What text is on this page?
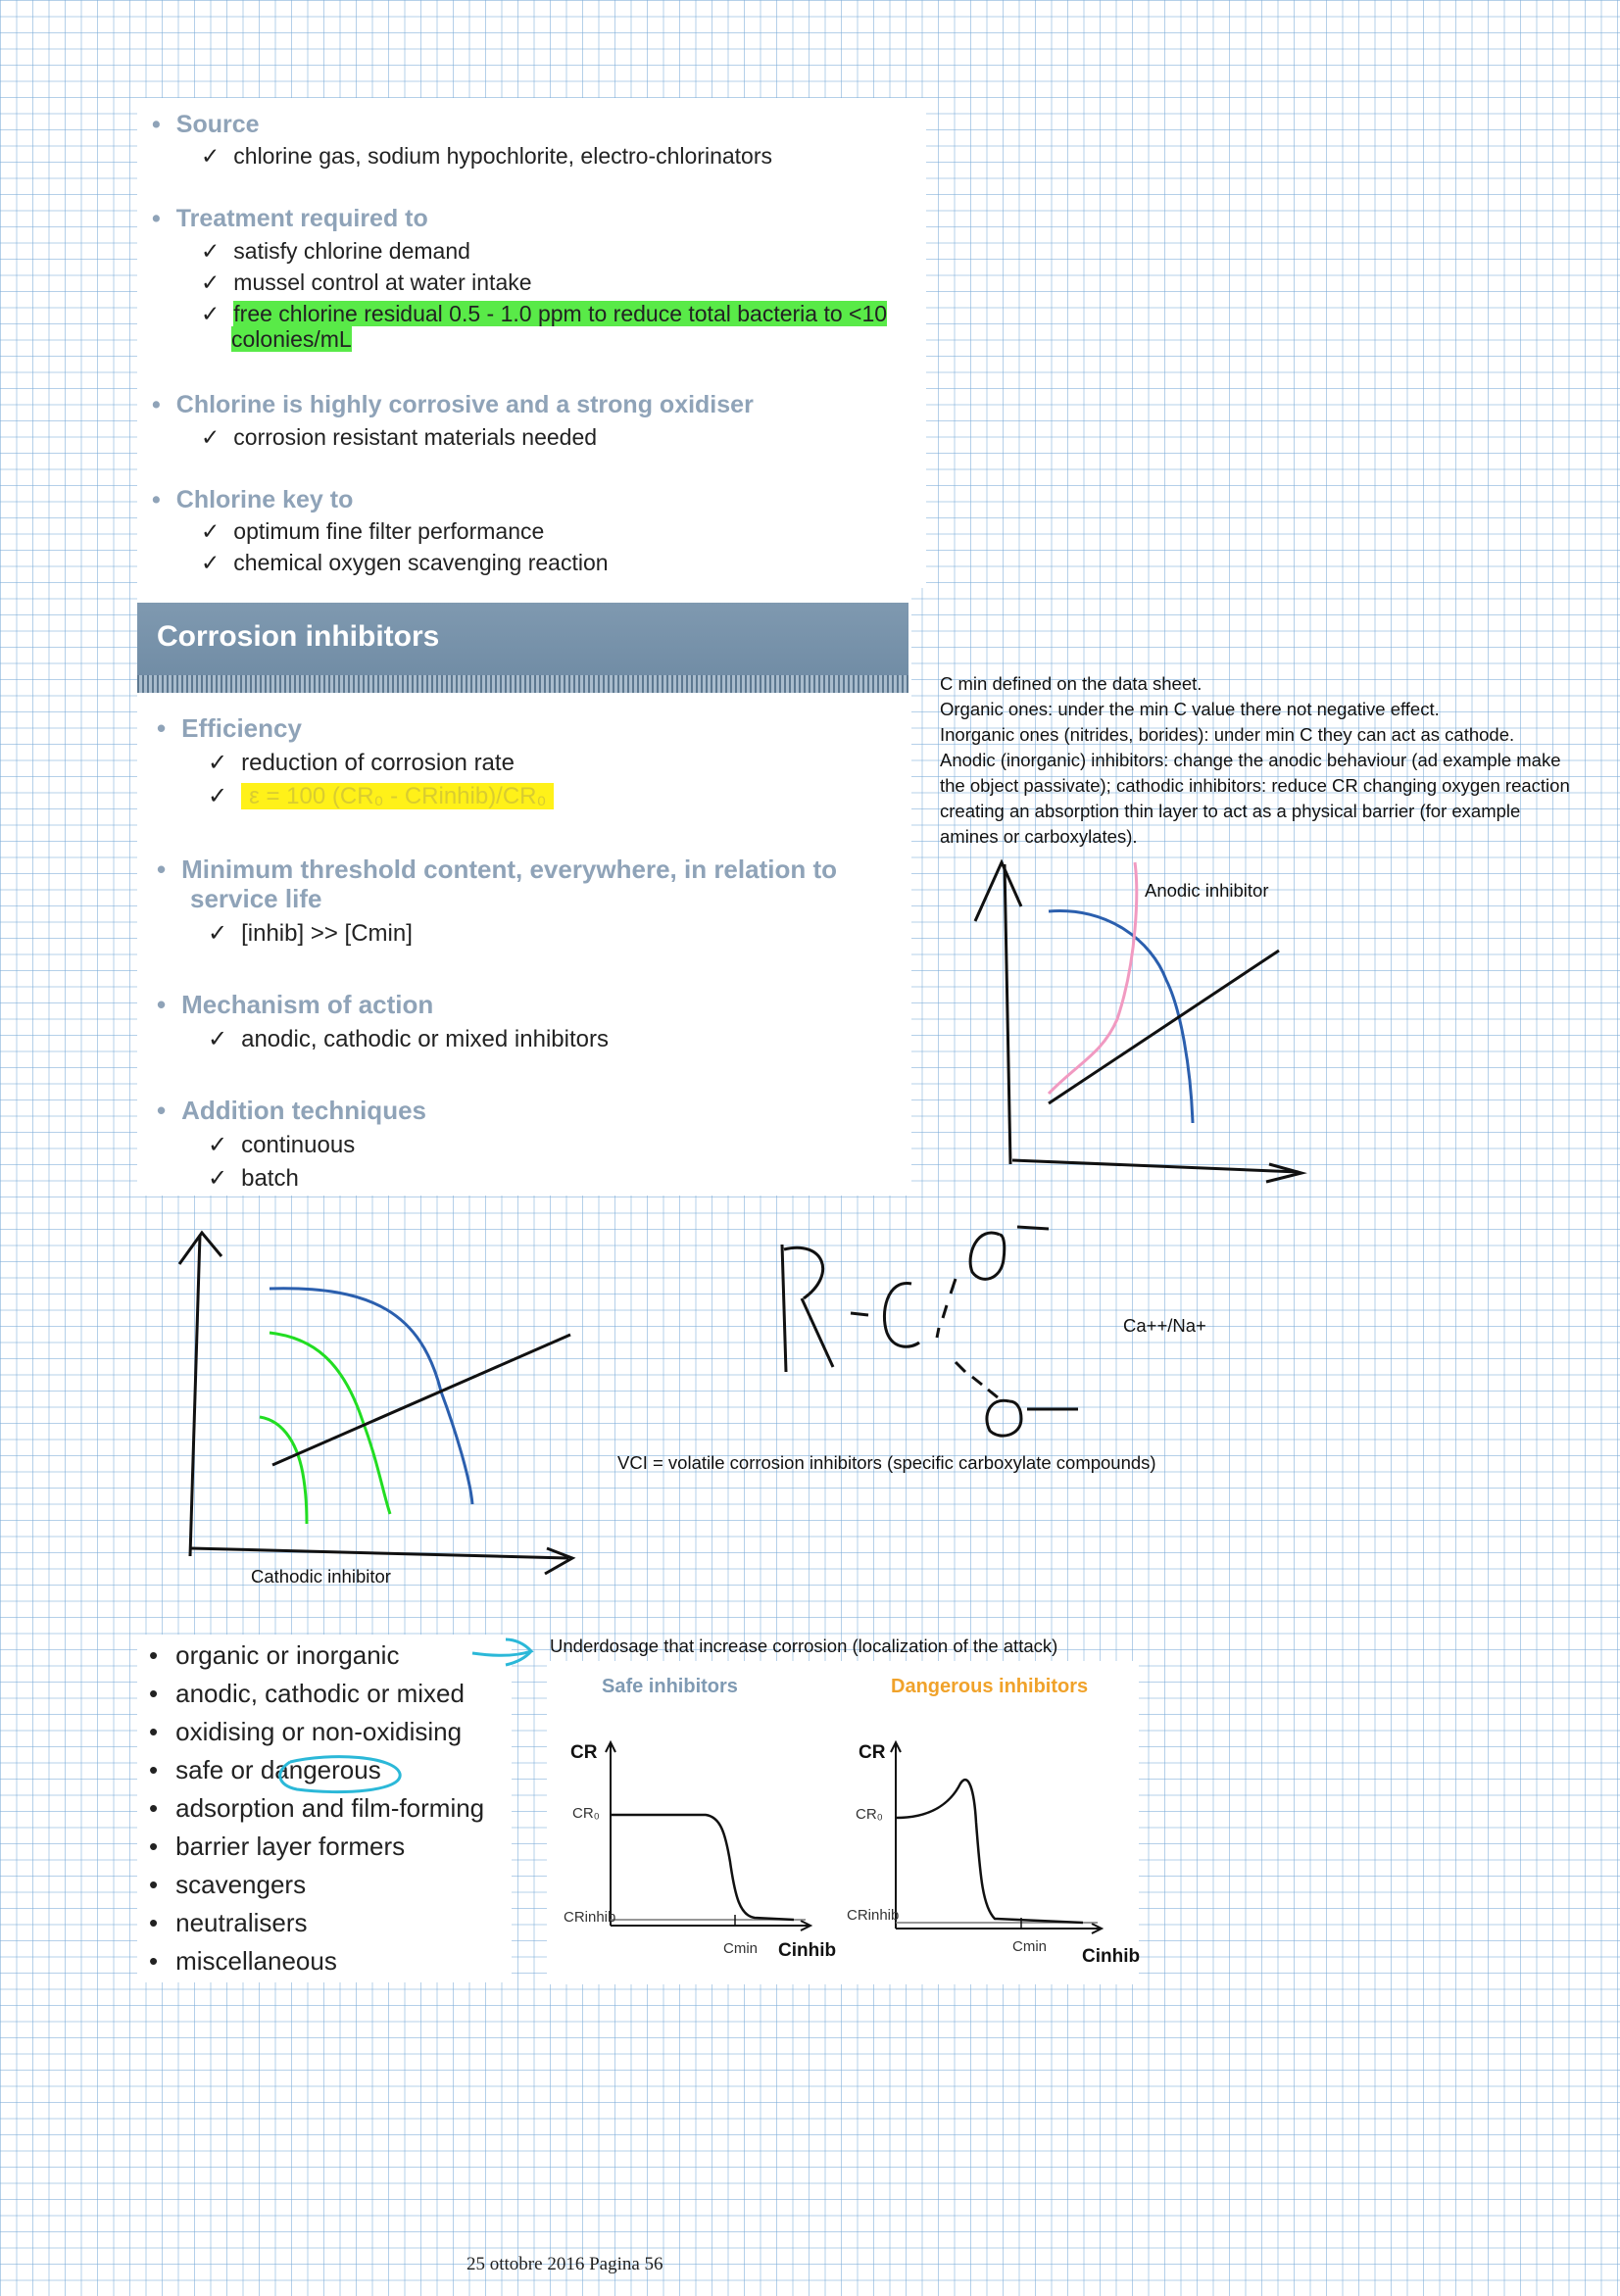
• Source
✓ chlorine gas, sodium hypochlorite, electro-chlorinators
• Treatment required to
✓ satisfy chlorine demand
✓ mussel control at water intake
✓ free chlorine residual 0.5 - 1.0 ppm to reduce total bacteria to <10
colonies/mL
• Chlorine is highly corrosive and a strong oxidiser
✓ corrosion resistant materials needed
• Chlorine key to
✓ optimum fine filter performance
✓ chemical oxygen scavenging reaction
Corrosion inhibitors
• Efficiency
✓ reduction of corrosion rate
✓ ε = 100 (CR₀ - CRinhib)/CR₀
• Minimum threshold content, everywhere, in relation to
service life
✓ [inhib] >> [Cmin]
• Mechanism of action
✓ anodic, cathodic or mixed inhibitors
• Addition techniques
✓ continuous
✓ batch
C min defined on the data sheet.
Organic ones: under the min C value there not negative effect.
Inorganic ones (nitrides, borides): under min C they can act as cathode.
Anodic (inorganic) inhibitors: change the anodic behaviour (ad example make
the object passivate); cathodic inhibitors: reduce CR changing oxygen reaction
creating an absorption thin layer to act as a physical barrier (for example
amines or carboxylates).
Anodic inhibitor
Cathodic inhibitor
Ca++/Na+
VCI = volatile corrosion inhibitors (specific carboxylate compounds)
• organic or inorganic
• anodic, cathodic or mixed
• oxidising or non-oxidising
• safe or dangerous
• adsorption and film-forming
• barrier layer formers
• scavengers
• neutralisers
• miscellaneous
Underdosage that increase corrosion (localization of the attack)
Safe inhibitors	Dangerous inhibitors
CR
CR₀
CRinhib
Cmin Cinhib
CR
CR₀
CRinhib
Cmin Cinhib
25 ottobre 2016 Pagina 56
